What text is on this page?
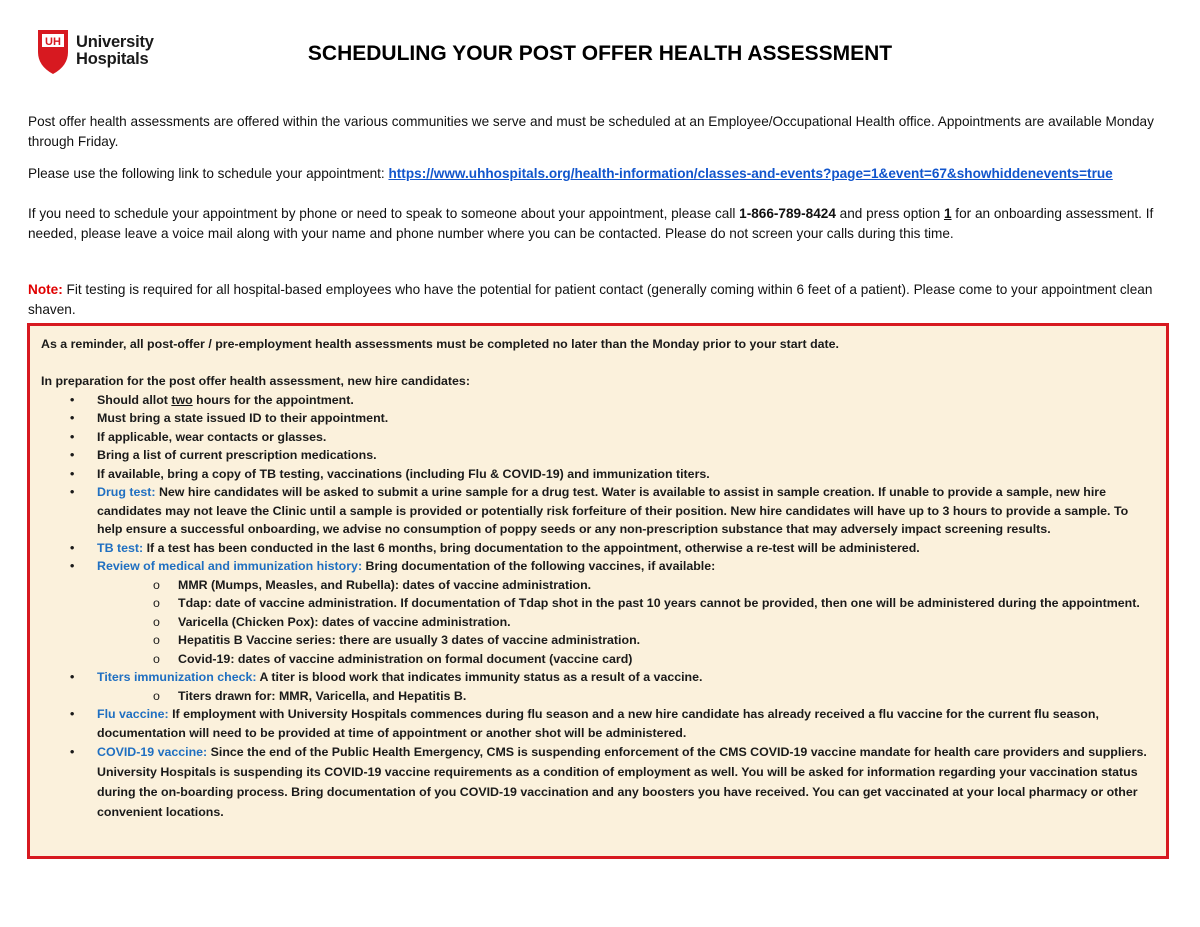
UH University
Hospitals	SCHEDULING YOUR POST OFFER HEALTH ASSESSMENT
Post offer health assessments are offered within the various communities we serve and must be scheduled at an Employee/Occupational Health office. Appointments are available Monday through Friday.
Please use the following link to schedule your appointment: https://www.uhhospitals.org/health-information/classes-and-events?page=1&event=67&showhiddenevents=true
If you need to schedule your appointment by phone or need to speak to someone about your appointment, please call 1-866-789-8424 and press option 1 for an onboarding assessment. If needed, please leave a voice mail along with your name and phone number where you can be contacted. Please do not screen your calls during this time.
Note: Fit testing is required for all hospital-based employees who have the potential for patient contact (generally coming within 6 feet of a patient). Please come to your appointment clean shaven.

As a reminder, all post-offer / pre-employment health assessments must be completed no later than the Monday prior to your start date.

In preparation for the post offer health assessment, new hire candidates:

• Should allot two hours for the appointment.
• Must bring a state issued ID to their appointment.
• If applicable, wear contacts or glasses.
• Bring a list of current prescription medications.
• If available, bring a copy of TB testing, vaccinations (including Flu & COVID-19) and immunization titers.
• Drug test: New hire candidates will be asked to submit a urine sample for a drug test. Water is available to assist in sample creation. If unable to provide a sample, new hire candidates may not leave the Clinic until a sample is provided or potentially risk forfeiture of their position. New hire candidates will have up to 3 hours to provide a sample. To help ensure a successful onboarding, we advise no consumption of poppy seeds or any non-prescription substance that may adversely impact screening results.
• TB test: If a test has been conducted in the last 6 months, bring documentation to the appointment, otherwise a re-test will be administered.
• Review of medical and immunization history: Bring documentation of the following vaccines, if available:
o MMR (Mumps, Measles, and Rubella): dates of vaccine administration.
o Tdap: date of vaccine administration. If documentation of Tdap shot in the past 10 years cannot be provided, then one will be administered during the appointment.
o Varicella (Chicken Pox): dates of vaccine administration.
o Hepatitis B Vaccine series: there are usually 3 dates of vaccine administration.
o Covid-19: dates of vaccine administration on formal document (vaccine card)
• Titers immunization check: A titer is blood work that indicates immunity status as a result of a vaccine.
o Titers drawn for: MMR, Varicella, and Hepatitis B.
• Flu vaccine: If employment with University Hospitals commences during flu season and a new hire candidate has already received a flu vaccine for the current flu season, documentation will need to be provided at time of appointment or another shot will be administered.
• COVID-19 vaccine: Since the end of the Public Health Emergency, CMS is suspending enforcement of the CMS COVID-19 vaccine mandate for health care providers and suppliers. University Hospitals is suspending its COVID-19 vaccine requirements as a condition of employment as well. You will be asked for information regarding your vaccination status during the on-boarding process. Bring documentation of you COVID-19 vaccination and any boosters you have received. You can get vaccinated at your local pharmacy or other convenient locations.
